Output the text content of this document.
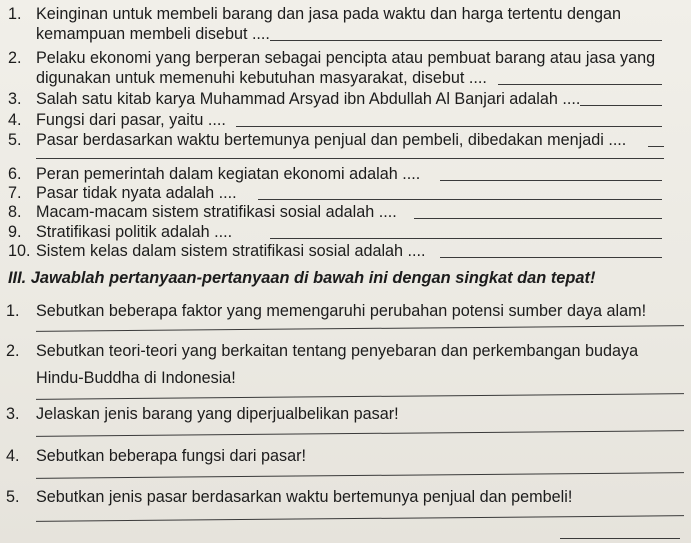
1. Keinginan untuk membeli barang dan jasa pada waktu dan harga tertentu dengan
kemampuan membeli disebut ....
2. Pelaku ekonomi yang berperan sebagai pencipta atau pembuat barang atau jasa yang
digunakan untuk memenuhi kebutuhan masyarakat, disebut ....
3. Salah satu kitab karya Muhammad Arsyad ibn Abdullah Al Banjari adalah ....
4. Fungsi dari pasar, yaitu ....
5. Pasar berdasarkan waktu bertemunya penjual dan pembeli, dibedakan menjadi ....
6. Peran pemerintah dalam kegiatan ekonomi adalah ....
7. Pasar tidak nyata adalah ....
8. Macam-macam sistem stratifikasi sosial adalah ....
9. Stratifikasi politik adalah ....
10. Sistem kelas dalam sistem stratifikasi sosial adalah ....
III. Jawablah pertanyaan-pertanyaan di bawah ini dengan singkat dan tepat!
1. Sebutkan beberapa faktor yang memengaruhi perubahan potensi sumber daya alam!
2. Sebutkan teori-teori yang berkaitan tentang penyebaran dan perkembangan budaya
Hindu-Buddha di Indonesia!
3. Jelaskan jenis barang yang diperjualbelikan pasar!
4. Sebutkan beberapa fungsi dari pasar!
5. Sebutkan jenis pasar berdasarkan waktu bertemunya penjual dan pembeli!
